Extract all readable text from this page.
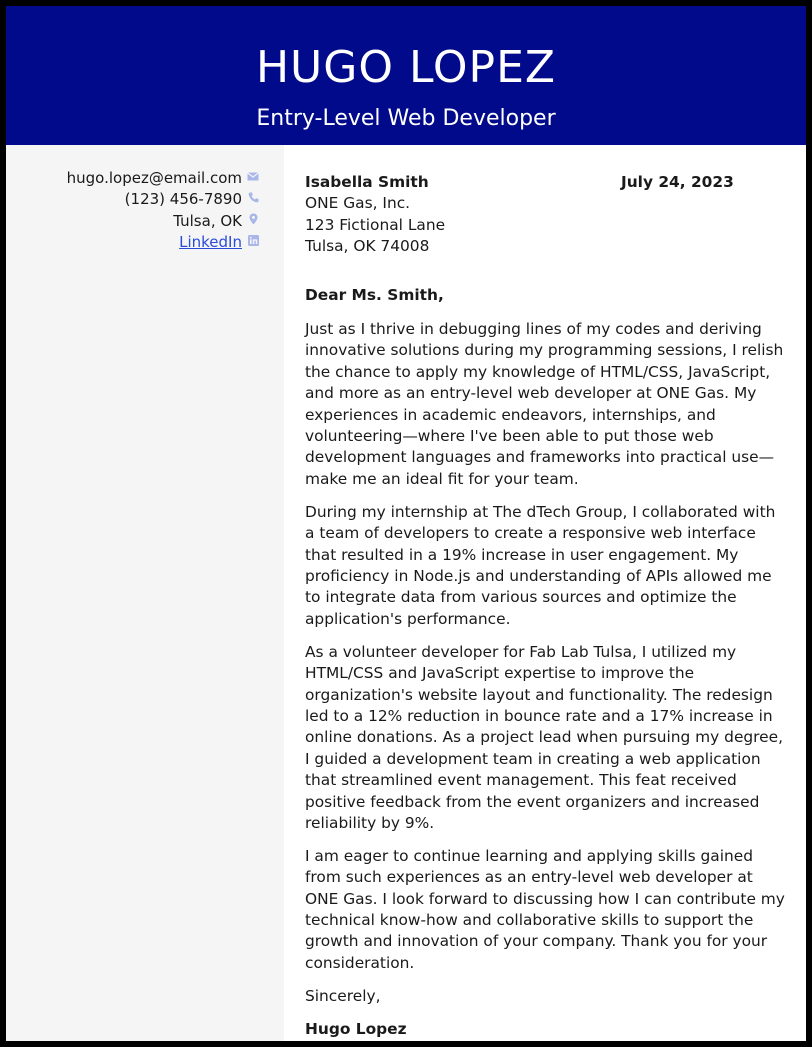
HUGO LOPEZ
Entry-Level Web Developer
hugo.lopez@email.com
(123) 456-7890
Tulsa, OK
LinkedIn
Isabella Smith
ONE Gas, Inc.
123 Fictional Lane
Tulsa, OK 74008
July 24, 2023
Dear Ms. Smith,

Just as I thrive in debugging lines of my codes and deriving innovative solutions during my programming sessions, I relish the chance to apply my knowledge of HTML/CSS, JavaScript, and more as an entry-level web developer at ONE Gas. My experiences in academic endeavors, internships, and volunteering—where I've been able to put those web development languages and frameworks into practical use—make me an ideal fit for your team.

During my internship at The dTech Group, I collaborated with a team of developers to create a responsive web interface that resulted in a 19% increase in user engagement. My proficiency in Node.js and understanding of APIs allowed me to integrate data from various sources and optimize the application's performance.

As a volunteer developer for Fab Lab Tulsa, I utilized my HTML/CSS and JavaScript expertise to improve the organization's website layout and functionality. The redesign led to a 12% reduction in bounce rate and a 17% increase in online donations. As a project lead when pursuing my degree, I guided a development team in creating a web application that streamlined event management. This feat received positive feedback from the event organizers and increased reliability by 9%.

I am eager to continue learning and applying skills gained from such experiences as an entry-level web developer at ONE Gas. I look forward to discussing how I can contribute my technical know-how and collaborative skills to support the growth and innovation of your company. Thank you for your consideration.

Sincerely,
Hugo Lopez
